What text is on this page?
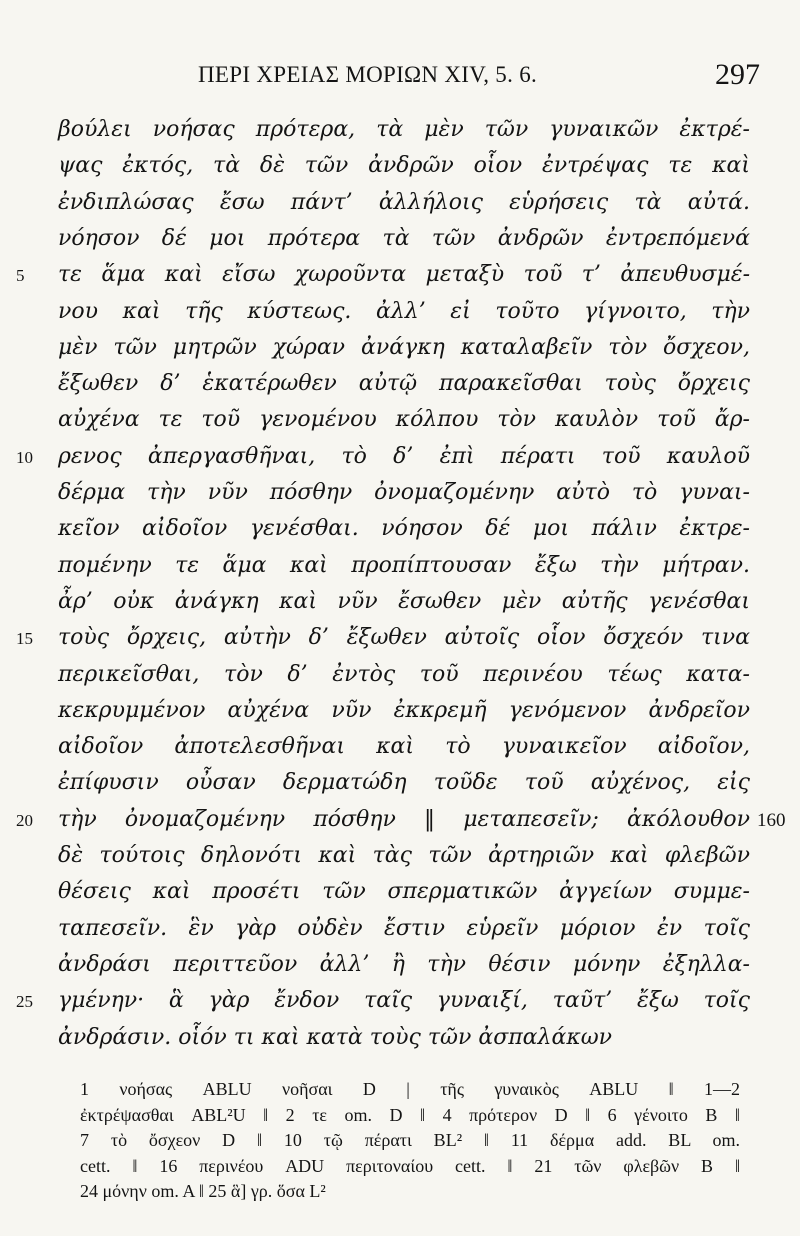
ΠΕΡΙ ΧΡΕΙΑΣ ΜΟΡΙΩΝ XIV, 5. 6.	297
βούλει νοήσας πρότερα, τὰ μὲν τῶν γυναικῶν ἐκτρέ-
ψας ἐκτός, τὰ δὲ τῶν ἀνδρῶν οἷον ἐντρέψας τε καὶ
ἐνδιπλώσας ἔσω πάντ’ ἀλλήλοις εὑρήσεις τὰ αὐτά.
νόησον δέ μοι πρότερα τὰ τῶν ἀνδρῶν ἐντρεπόμενά
5	τε ἅμα καὶ εἴσω χωροῦντα μεταξὺ τοῦ τ’ ἀπευθυσμέ-
νου καὶ τῆς κύστεως. ἀλλ’ εἰ τοῦτο γίγνοιτο, τὴν
μὲν τῶν μητρῶν χώραν ἀνάγκη καταλαβεῖν τὸν ὄσχεον,
ἔξωθεν δ’ ἑκατέρωθεν αὐτῷ παρακεῖσθαι τοὺς ὄρχεις
αὐχένα τε τοῦ γενομένου κόλπου τὸν καυλὸν τοῦ ἄρ-
10	ρενος ἀπεργασθῆναι, τὸ δ’ ἐπὶ πέρατι τοῦ καυλοῦ
δέρμα τὴν νῦν πόσθην ὀνομαζομένην αὐτὸ τὸ γυναι-
κεῖον αἰδοῖον γενέσθαι. νόησον δέ μοι πάλιν ἐκτρε-
πομένην τε ἅμα καὶ προπίπτουσαν ἔξω τὴν μήτραν.
ἆρ’ οὐκ ἀνάγκη καὶ νῦν ἔσωθεν μὲν αὐτῆς γενέσθαι
15	τοὺς ὄρχεις, αὐτὴν δ’ ἔξωθεν αὐτοῖς οἷον ὄσχεόν τινα
περικεῖσθαι, τὸν δ’ ἐντὸς τοῦ περινέου τέως κατα-
κεκρυμμένον αὐχένα νῦν ἐκκρεμῆ γενόμενον ἀνδρεῖον
αἰδοῖον ἀποτελεσθῆναι καὶ τὸ γυναικεῖον αἰδοῖον,
ἐπίφυσιν οὖσαν δερματώδη τοῦδε τοῦ αὐχένος, εἰς
20	τὴν ὀνομαζομένην πόσθην ‖ μεταπεσεῖν; ἀκόλουθον 160
δὲ τούτοις δηλονότι καὶ τὰς τῶν ἀρτηριῶν καὶ φλεβῶν
θέσεις καὶ προσέτι τῶν σπερματικῶν ἀγγείων συμμε-
ταπεσεῖν. ἓν γὰρ οὐδὲν ἔστιν εὑρεῖν μόριον ἐν τοῖς
ἀνδράσι περιττεῦον ἀλλ’ ἢ τὴν θέσιν μόνην ἐξηλλα-
25	γμένην· ἃ γὰρ ἔνδον ταῖς γυναιξί, ταῦτ’ ἔξω τοῖς
ἀνδράσιν. οἷόν τι καὶ κατὰ τοὺς τῶν ἀσπαλάκων
1 νοήσας ABLU νοῆσαι D | τῆς γυναικὸς ABLU ‖ 1—2
ἐκτρέψασθαι ABL²U ‖ 2 τε om. D ‖ 4 πρότερον D ‖ 6 γένοιτο B ‖
7 τὸ ὄσχεον D ‖ 10 τῷ πέρατι BL² ‖ 11 δέρμα add. BL om.
cett. ‖ 16 περινέου ADU περιτοναίου cett. ‖ 21 τῶν φλεβῶν B ‖
24 μόνην om. A ‖ 25 ἃ] γρ. ὅσα L²
